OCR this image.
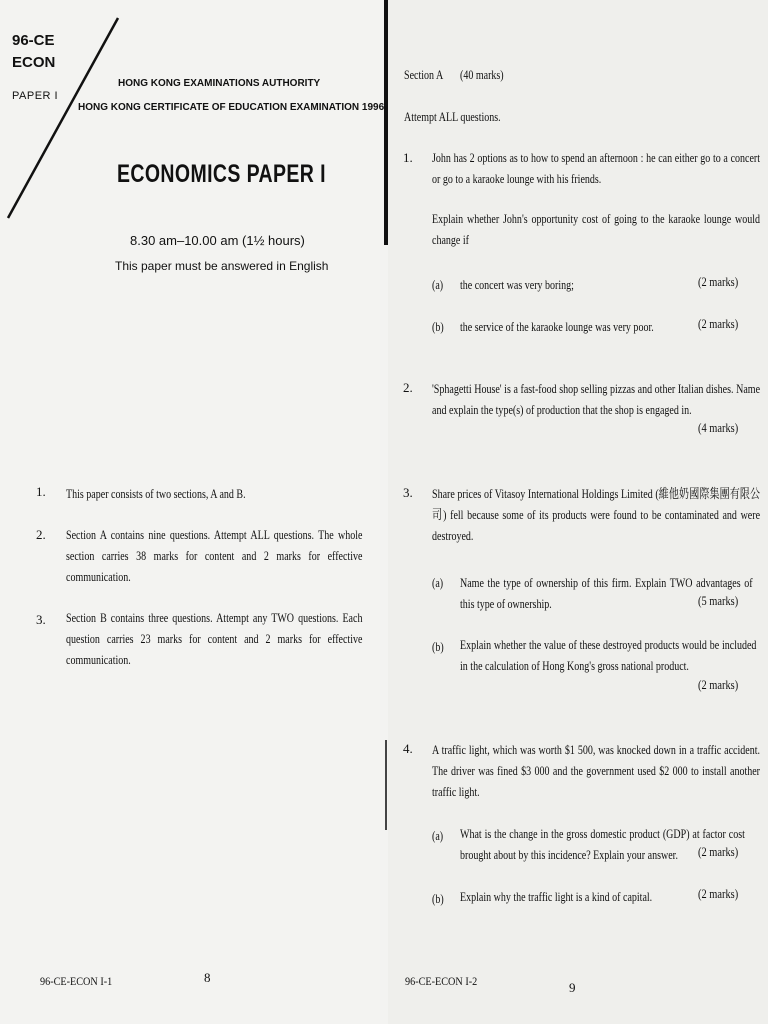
96-CE
ECON
PAPER I
HONG KONG EXAMINATIONS AUTHORITY
HONG KONG CERTIFICATE OF EDUCATION EXAMINATION 1996
ECONOMICS PAPER I
8.30 am–10.00 am (1½ hours)
This paper must be answered in English
1. This paper consists of two sections, A and B.
2. Section A contains nine questions. Attempt ALL questions. The whole section carries 38 marks for content and 2 marks for effective communication.
3. Section B contains three questions. Attempt any TWO questions. Each question carries 23 marks for content and 2 marks for effective communication.
96-CE-ECON I-1	8
Section A (40 marks)
Attempt ALL questions.
1. John has 2 options as to how to spend an afternoon : he can either go to a concert or go to a karaoke lounge with his friends.
Explain whether John's opportunity cost of going to the karaoke lounge would change if
(a) the concert was very boring;	(2 marks)
(b) the service of the karaoke lounge was very poor.	(2 marks)
2. 'Sphagetti House' is a fast-food shop selling pizzas and other Italian dishes. Name and explain the type(s) of production that the shop is engaged in.
(4 marks)
3. Share prices of Vitasoy International Holdings Limited (維他奶國際集團有限公司) fell because some of its products were found to be contaminated and were destroyed.
(a) Name the type of ownership of this firm. Explain TWO advantages of this type of ownership.	(5 marks)
(b) Explain whether the value of these destroyed products would be included in the calculation of Hong Kong's gross national product.
(2 marks)
4. A traffic light, which was worth $1 500, was knocked down in a traffic accident. The driver was fined $3 000 and the government used $2 000 to install another traffic light.
(a) What is the change in the gross domestic product (GDP) at factor cost brought about by this incidence? Explain your answer.	(2 marks)
(b) Explain why the traffic light is a kind of capital.	(2 marks)
96-CE-ECON I-2	9
